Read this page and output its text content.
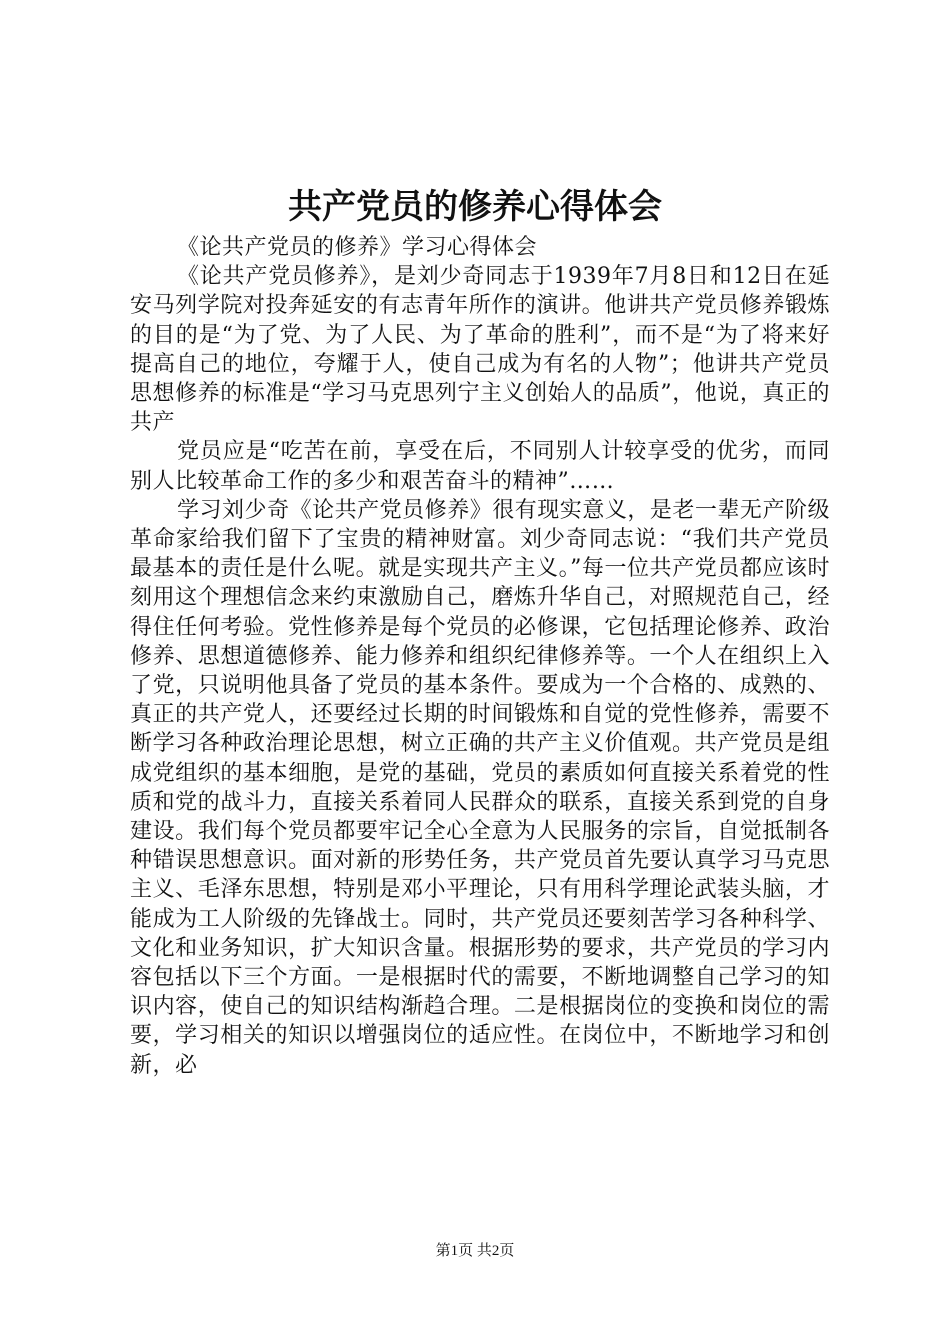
共产党员的修养心得体会

《论共产党员的修养》学习心得体会

《论共产党员修养》，是刘少奇同志于1939年7月8日和12日在延安马列学院对投奔延安的有志青年所作的演讲。他讲共产党员修养锻炼的目的是“为了党、为了人民、为了革命的胜利”，而不是“为了将来好提高自己的地位，夸耀于人，使自己成为有名的人物”；他讲共产党员思想修养的标准是“学习马克思列宁主义创始人的品质”，他说，真正的共产

党员应是“吃苦在前，享受在后，不同别人计较享受的优劣，而同别人比较革命工作的多少和艰苦奋斗的精神”……

学习刘少奇《论共产党员修养》很有现实意义，是老一辈无产阶级革命家给我们留下了宝贵的精神财富。刘少奇同志说：“我们共产党员最基本的责任是什么呢。就是实现共产主义。”每一位共产党员都应该时刻用这个理想信念来约束激励自己，磨炼升华自己，对照规范自己，经得住任何考验。党性修养是每个党员的必修课，它包括理论修养、政治修养、思想道德修养、能力修养和组织纪律修养等。一个人在组织上入了党，只说明他具备了党员的基本条件。要成为一个合格的、成熟的、真正的共产党人，还要经过长期的时间锻炼和自觉的党性修养，需要不断学习各种政治理论思想，树立正确的共产主义价值观。共产党员是组成党组织的基本细胞，是党的基础，党员的素质如何直接关系着党的性质和党的战斗力，直接关系着同人民群众的联系，直接关系到党的自身建设。我们每个党员都要牢记全心全意为人民服务的宗旨，自觉抵制各种错误思想意识。面对新的形势任务，共产党员首先要认真学习马克思主义、毛泽东思想，特别是邓小平理论，只有用科学理论武装头脑，才能成为工人阶级的先锋战士。同时，共产党员还要刻苦学习各种科学、文化和业务知识，扩大知识含量。根据形势的要求，共产党员的学习内容包括以下三个方面。一是根据时代的需要，不断地调整自己学习的知识内容，使自己的知识结构渐趋合理。二是根据岗位的变换和岗位的需要，学习相关的知识以增强岗位的适应性。在岗位中，不断地学习和创新，必

第1页 共2页
